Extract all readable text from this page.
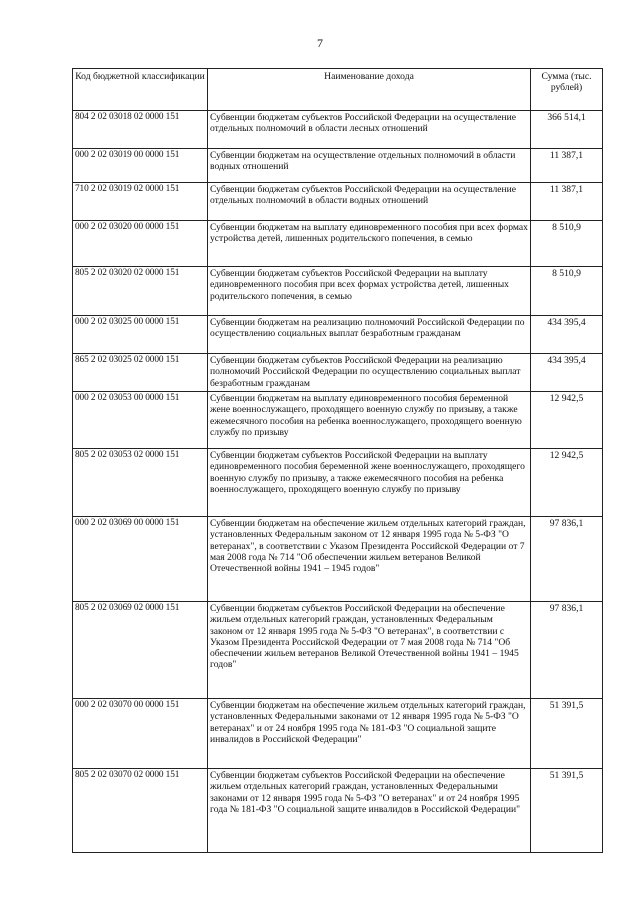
7
Код бюджетной классификации	Наименование дохода	Сумма (тыс. рублей)
804 2 02 03018 02 0000 151	Субвенции бюджетам субъектов Российской Федерации на осуществление отдельных полномочий в области лесных отношений	366 514,1
000 2 02 03019 00 0000 151	Субвенции бюджетам на осуществление отдельных полномочий в области водных отношений	11 387,1
710 2 02 03019 02 0000 151	Субвенции бюджетам субъектов Российской Федерации на осуществление отдельных полномочий в области водных отношений	11 387,1
000 2 02 03020 00 0000 151	Субвенции бюджетам на выплату единовременного пособия при всех формах устройства детей, лишенных родительского попечения, в семью	8 510,9
805 2 02 03020 02 0000 151	Субвенции бюджетам субъектов Российской Федерации на выплату единовременного пособия при всех формах устройства детей, лишенных родительского попечения, в семью	8 510,9
000 2 02 03025 00 0000 151	Субвенции бюджетам на реализацию полномочий Российской Федерации по осуществлению социальных выплат безработным гражданам	434 395,4
865 2 02 03025 02 0000 151	Субвенции бюджетам субъектов Российской Федерации на реализацию полномочий Российской Федерации по осуществлению социальных выплат безработным гражданам	434 395,4
000 2 02 03053 00 0000 151	Субвенции бюджетам на выплату единовременного пособия беременной жене военнослужащего, проходящего военную службу по призыву, а также ежемесячного пособия на ребенка военнослужащего, проходящего военную службу по призыву	12 942,5
805 2 02 03053 02 0000 151	Субвенции бюджетам субъектов Российской Федерации на выплату единовременного пособия беременной жене военнослужащего, проходящего военную службу по призыву, а также ежемесячного пособия на ребенка военнослужащего, проходящего военную службу по призыву	12 942,5
000 2 02 03069 00 0000 151	Субвенции бюджетам на обеспечение жильем отдельных категорий граждан, установленных Федеральным законом от 12 января 1995 года № 5-ФЗ "О ветеранах", в соответствии с Указом Президента Российской Федерации от 7 мая 2008 года № 714 "Об обеспечении жильем ветеранов Великой Отечественной войны 1941 – 1945 годов"	97 836,1
805 2 02 03069 02 0000 151	Субвенции бюджетам субъектов Российской Федерации на обеспечение жильем отдельных категорий граждан, установленных Федеральным законом от 12 января 1995 года № 5-ФЗ "О ветеранах", в соответствии с Указом Президента Российской Федерации от 7 мая 2008 года № 714 "Об обеспечении жильем ветеранов Великой Отечественной войны 1941 – 1945 годов"	97 836,1
000 2 02 03070 00 0000 151	Субвенции бюджетам на обеспечение жильем отдельных категорий граждан, установленных Федеральными законами от 12 января 1995 года № 5-ФЗ "О ветеранах" и от 24 ноября 1995 года № 181-ФЗ "О социальной защите инвалидов в Российской Федерации"	51 391,5
805 2 02 03070 02 0000 151	Субвенции бюджетам субъектов Российской Федерации на обеспечение жильем отдельных категорий граждан, установленных Федеральными законами от 12 января 1995 года № 5-ФЗ "О ветеранах" и от 24 ноября 1995 года № 181-ФЗ "О социальной защите инвалидов в Российской Федерации"	51 391,5
